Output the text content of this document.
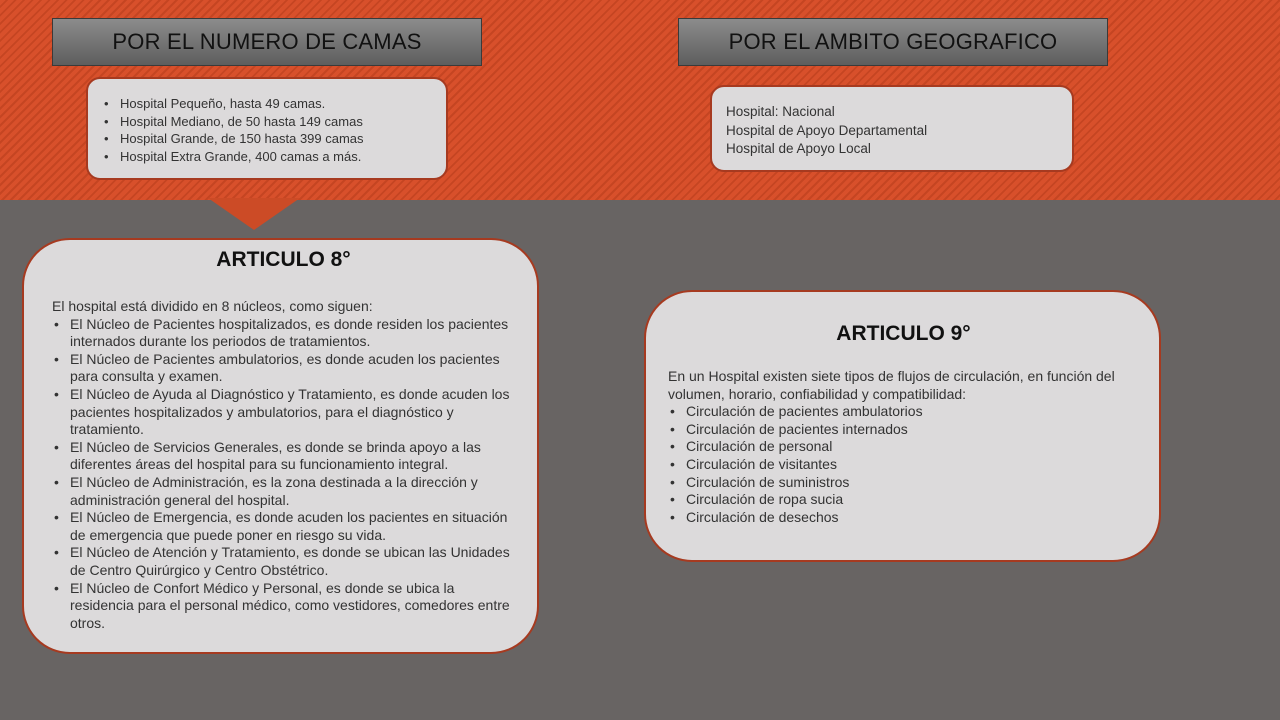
POR EL NUMERO DE CAMAS	POR EL AMBITO GEOGRAFICO
• Hospital Pequeño, hasta 49 camas.
• Hospital Mediano, de 50 hasta 149 camas
• Hospital Grande, de 150 hasta 399 camas
• Hospital Extra Grande, 400 camas a más.
Hospital: Nacional
Hospital de Apoyo Departamental
Hospital de Apoyo Local
ARTICULO 8°

El hospital está dividido en 8 núcleos, como siguen:

• El Núcleo de Pacientes hospitalizados, es donde residen los pacientes internados durante los periodos de tratamientos.
• El Núcleo de Pacientes ambulatorios, es donde acuden los pacientes para consulta y examen.
• El Núcleo de Ayuda al Diagnóstico y Tratamiento, es donde acuden los pacientes hospitalizados y ambulatorios, para el diagnóstico y tratamiento.
• El Núcleo de Servicios Generales, es donde se brinda apoyo a las diferentes áreas del hospital para su funcionamiento integral.
• El Núcleo de Administración, es la zona destinada a la dirección y administración general del hospital.
• El Núcleo de Emergencia, es donde acuden los pacientes en situación de emergencia que puede poner en riesgo su vida.
• El Núcleo de Atención y Tratamiento, es donde se ubican las Unidades de Centro Quirúrgico y Centro Obstétrico.
• El Núcleo de Confort Médico y Personal, es donde se ubica la residencia para el personal médico, como vestidores, comedores entre otros.
ARTICULO 9°

En un Hospital existen siete tipos de flujos de circulación, en función del volumen, horario, confiabilidad y compatibilidad:

• Circulación de pacientes ambulatorios
• Circulación de pacientes internados
• Circulación de personal
• Circulación de visitantes
• Circulación de suministros
• Circulación de ropa sucia
• Circulación de desechos
